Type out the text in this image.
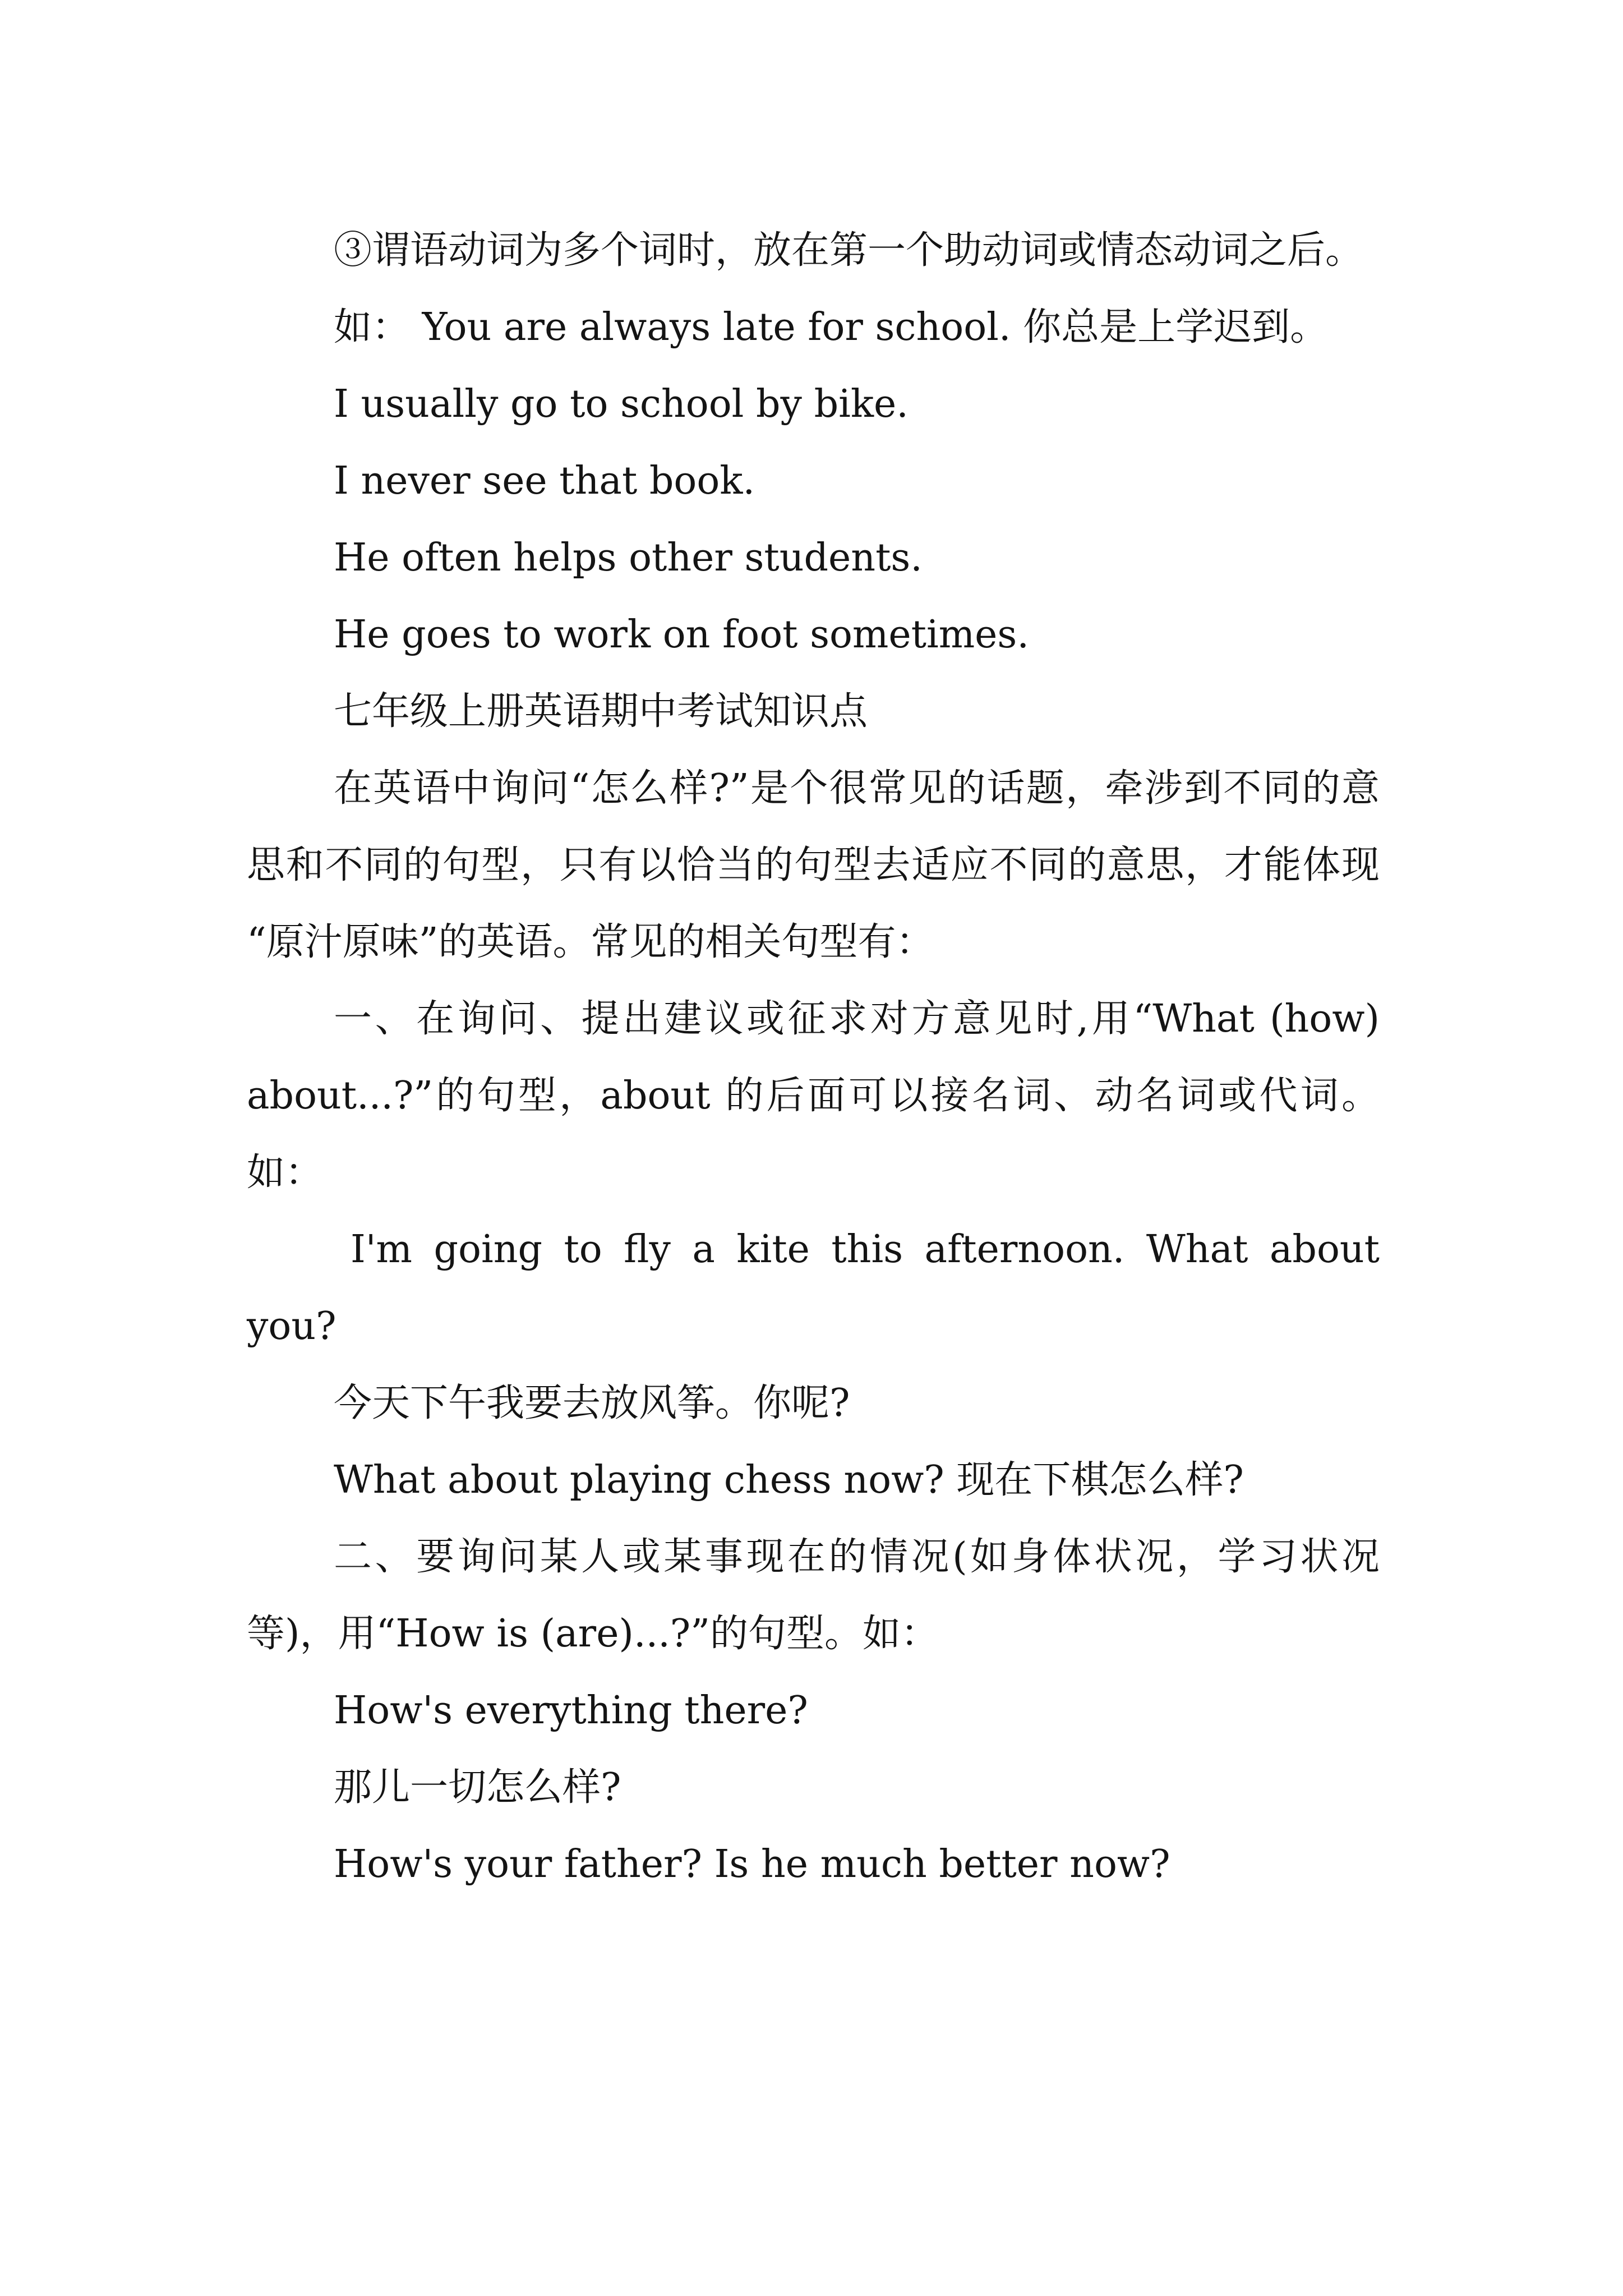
③谓语动词为多个词时，放在第一个助动词或情态动词之后。

如： You are always late for school. 你总是上学迟到。

I usually go to school by bike.

I never see that book.

He often helps other students.

He goes to work on foot sometimes.

七年级上册英语期中考试知识点

在英语中询问“怎么样?”是个很常见的话题，牵涉到不同的意思和不同的句型，只有以恰当的句型去适应不同的意思，才能体现 “原汁原味”的英语。常见的相关句型有：

一、在询问、提出建议或征求对方意见时,用“What (how) about...?”的句型，about 的后面可以接名词、动名词或代词。如：

I'm going to fly a kite this afternoon. What about you?

今天下午我要去放风筝。你呢?

What about playing chess now? 现在下棋怎么样?

二、要询问某人或某事现在的情况(如身体状况，学习状况等)，用“How is (are)...?”的句型。如：

How's everything there?

那儿一切怎么样?

How's your father? Is he much better now?
